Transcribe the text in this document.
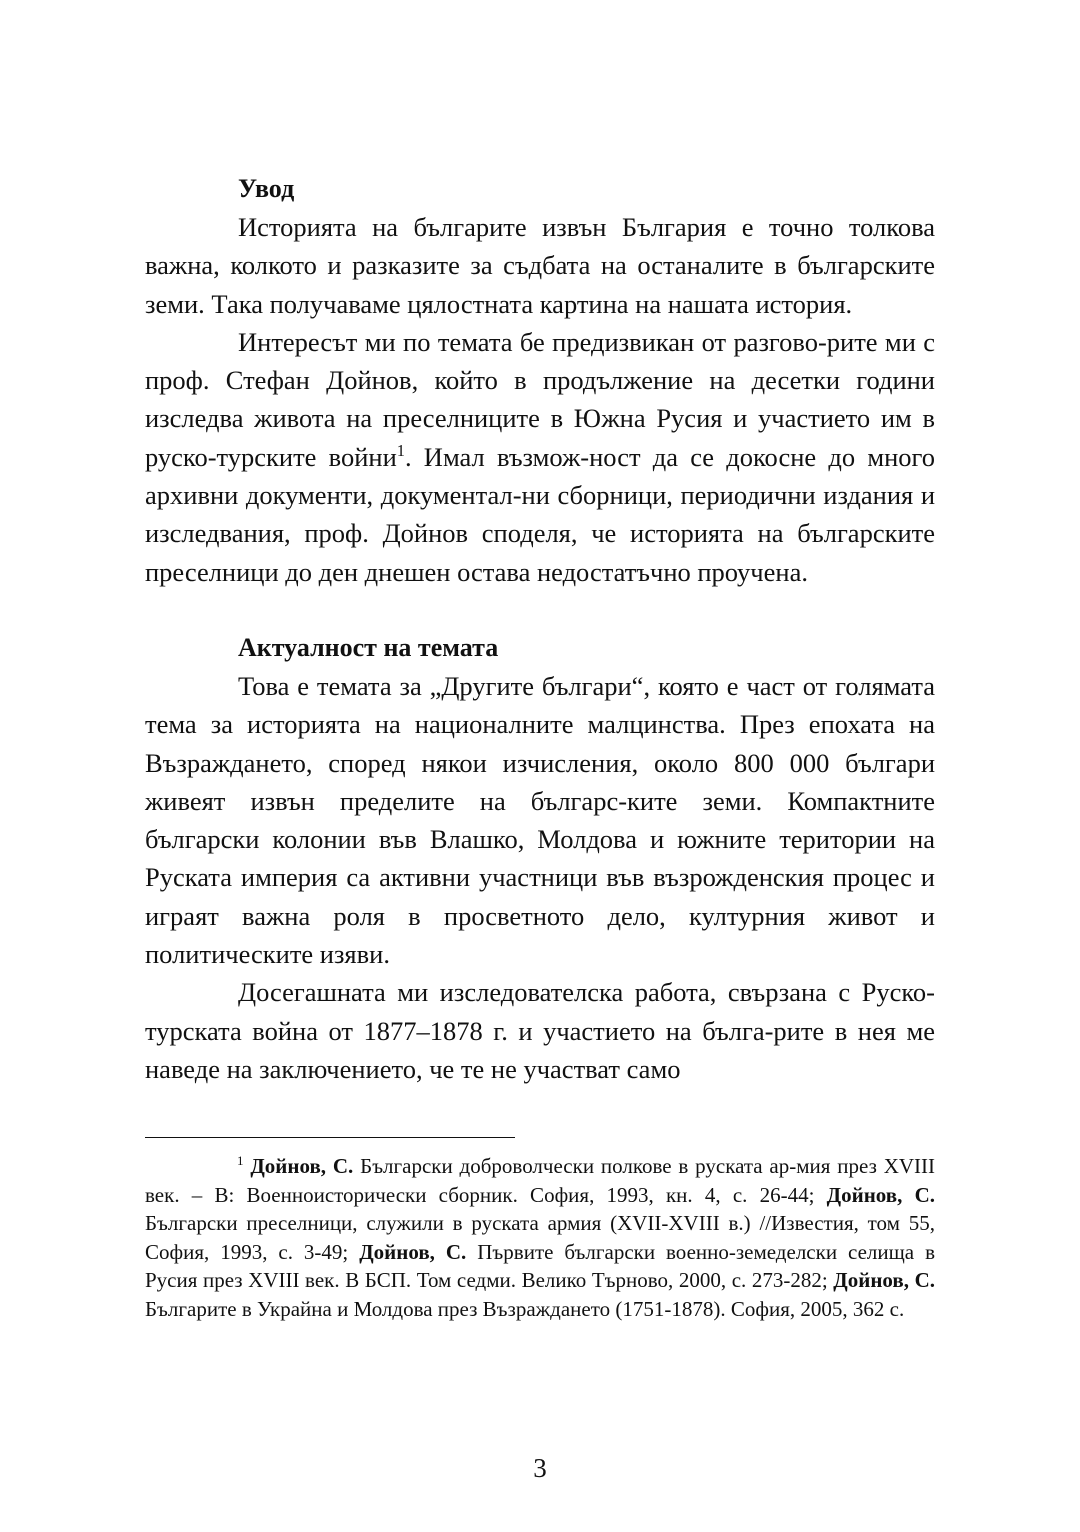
Увод

Историята на българите извън България е точно толкова важна, колкото и разказите за съдбата на останалите в българските земи. Така получаваме цялостната картина на нашата история.

Интересът ми по темата бе предизвикан от разгово-рите ми с проф. Стефан Дойнов, който в продължение на десетки години изследва живота на преселниците в Южна Русия и участието им в руско-турските войни$^1$. Имал възмож-ност да се докосне до много архивни документи, документал-ни сборници, периодични издания и изследвания, проф. Дойнов споделя, че историята на българските преселници до ден днешен остава недостатъчно проучена.

Актуалност на темата

Това е темата за „Другите българи“, която е част от голямата тема за историята на националните малцинства. През епохата на Възраждането, според някои изчисления, около 800 000 българи живеят извън пределите на българс-ките земи. Компактните български колонии във Влашко, Молдова и южните територии на Руската империя са активни участници във възрожденския процес и играят важна роля в просветното дело, културния живот и политическите изяви.

Досегашната ми изследователска работа, свързана с Руско-турската война от 1877–1878 г. и участието на бълга-рите в нея ме наведе на заключението, че те не участват само

$^1$ Дойнов, С. Български доброволчески полкове в руската ар-мия през XVIII век. – В: Военноисторически сборник. София, 1993, кн. 4, с. 26-44; Дойнов, С. Български преселници, служили в руската армия (XVII-XVIII в.) //Известия, том 55, София, 1993, с. 3-49; Дойнов, С. Първите български военно-земеделски селища в Русия през XVIII век. В БСП. Том седми. Велико Търново, 2000, с. 273-282; Дойнов, С. Българите в Украйна и Молдова през Възраждането (1751-1878). София, 2005, 362 с.

3
